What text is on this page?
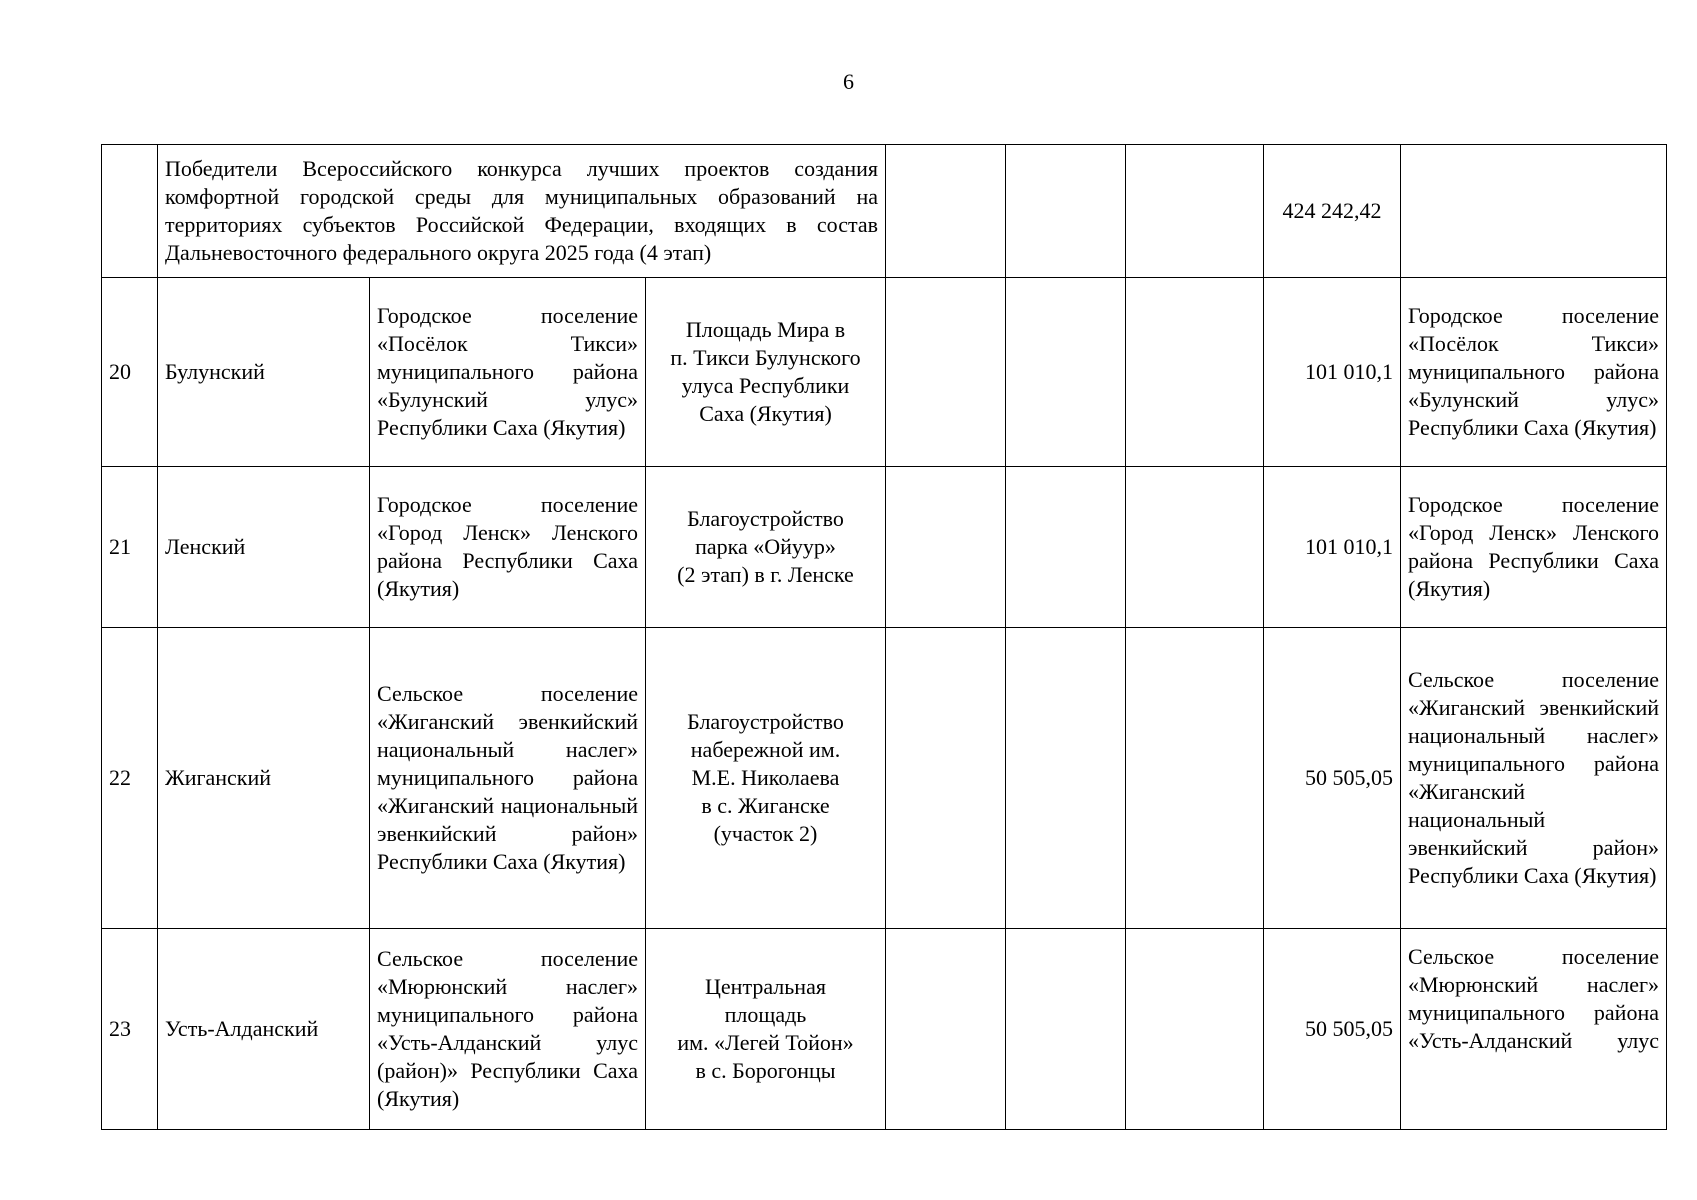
6
	Победители Всероссийского конкурса лучших проектов создания комфортной городской среды для муниципальных образований на территориях субъектов Российской Федерации, входящих в состав Дальневосточного федерального округа 2025 года (4 этап)						424 242,42	
20	Булунский	Городское поселение «Посёлок Тикси» муниципального района «Булунский улус» Республики Саха (Якутия)	Площадь Мира в
п. Тикси Булунского
улуса Республики
Саха (Якутия)				101 010,1	Городское поселение «Посёлок Тикси» муниципального района «Булунский улус» Республики Саха (Якутия)
21	Ленский	Городское поселение «Город Ленск» Ленского района Республики Саха (Якутия)	Благоустройство
парка «Ойуур»
(2 этап) в г. Ленске				101 010,1	Городское поселение «Город Ленск» Ленского района Республики Саха (Якутия)
22	Жиганский	Сельское поселение «Жиганский эвенкийский национальный наслег» муниципального района «Жиганский национальный эвенкийский район» Республики Саха (Якутия)	Благоустройство
набережной им.
М.Е. Николаева
в с. Жиганске
(участок 2)				50 505,05	Сельское поселение «Жиганский эвенкийский национальный наслег» муниципального района «Жиганский национальный эвенкийский район» Республики Саха (Якутия)
23	Усть-Алданский	Сельское поселение «Мюрюнский наслег» муниципального района «Усть-Алданский улус (район)» Республики Саха (Якутия)	Центральная
площадь
им. «Легей Тойон»
в с. Борогонцы				50 505,05	Сельское поселение «Мюрюнский наслег» муниципального района «Усть-Алданский улус
